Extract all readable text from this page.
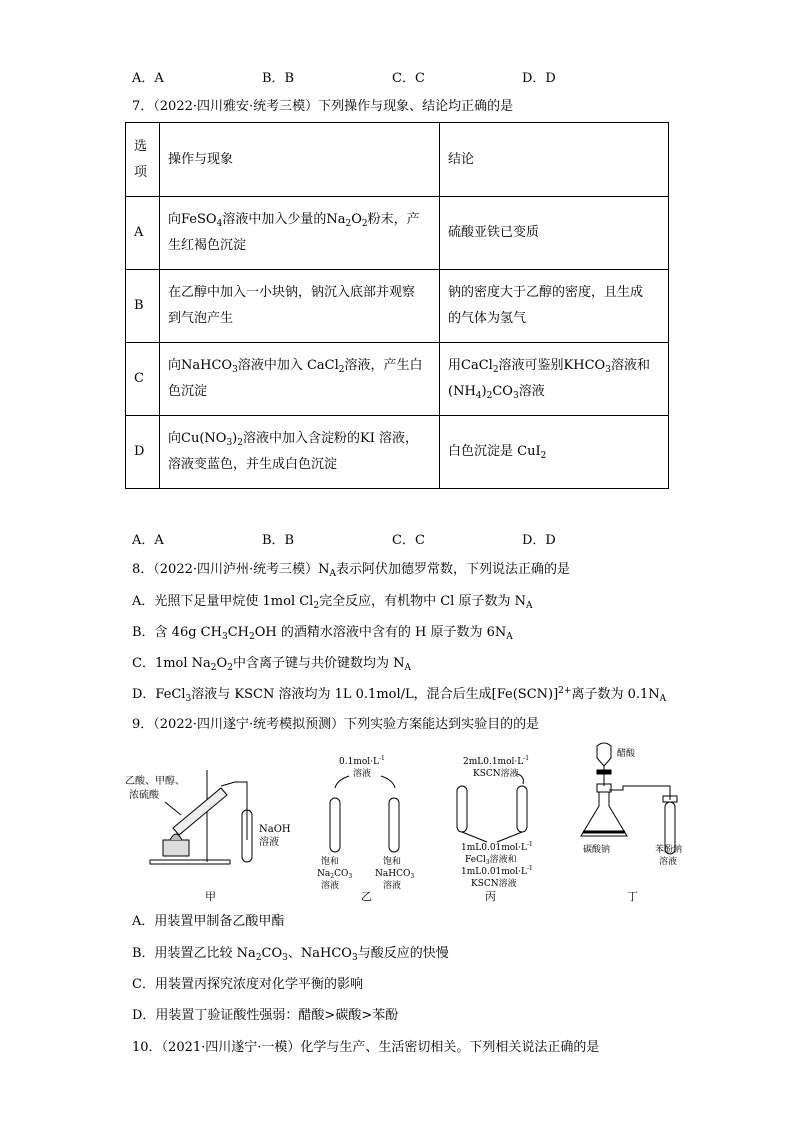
A．A	B．B	C．C	D．D
7．（2022·四川雅安·统考三模）下列操作与现象、结论均正确的是
选项	操作与现象	结论
A	向FeSO$_4$溶液中加入少量的$Na_2O_2$粉末，产
生红褐色沉淀	硫酸亚铁已变质
B	在乙醇中加入一小块钠，钠沉入底部并观察
到气泡产生	钠的密度大于乙醇的密度，且生成
的气体为氢气
C	向NaHCO$_3$溶液中加入 CaCl$_2$溶液，产生白
色沉淀	用CaCl$_2$溶液可鉴别$KHCO_3$溶液和
$(NH_4)_2CO_3$溶液
D	向$Cu(NO_3)_2$溶液中加入含淀粉的KI 溶液，
溶液变蓝色，并生成白色沉淀	白色沉淀是 CuI$_2$
A．A	B．B	C．C	D．D
8．（2022·四川泸州·统考三模）$N_A$表示阿伏加德罗常数，下列说法正确的是
A．光照下足量甲烷使 1mol $Cl_2$完全反应，有机物中 Cl 原子数为 $N_A$
B．含 46g $CH_3CH_2OH$ 的酒精水溶液中含有的 H 原子数为 $6N_A$
C．1mol $Na_2O_2$中含离子键与共价键数均为 $N_A$
D．FeCl$_3$溶液与 KSCN 溶液均为 1L 0.1mol/L，混合后生成$[Fe(SCN)]^{2+}$离子数为 $0.1N_A$
9．（2022·四川遂宁·统考模拟预测）下列实验方案能达到实验目的的是
乙酸、甲醇、
浓硫酸
NaOH
溶液
甲
$0.1mol\cdot L^{-1}$
溶液
饱和
$Na_2CO_3$
溶液
饱和
NaHCO$_3$
溶液
乙
$2mL0.1mol\cdot L^{-1}$
KSCN溶液
$1mL0.01mol\cdot L^{-1}$
FeCl$_3$溶液和
$1mL0.01mol\cdot L^{-1}$
KSCN溶液
丙
醋酸
碳酸钠	苯酚钠
溶液
丁
A．用装置甲制备乙酸甲酯
B．用装置乙比较 $Na_2CO_3$、NaHCO$_3$与酸反应的快慢
C．用装置丙探究浓度对化学平衡的影响
D．用装置丁验证酸性强弱：醋酸>碳酸>苯酚
10．（2021·四川遂宁·一模）化学与生产、生活密切相关。下列相关说法正确的是
